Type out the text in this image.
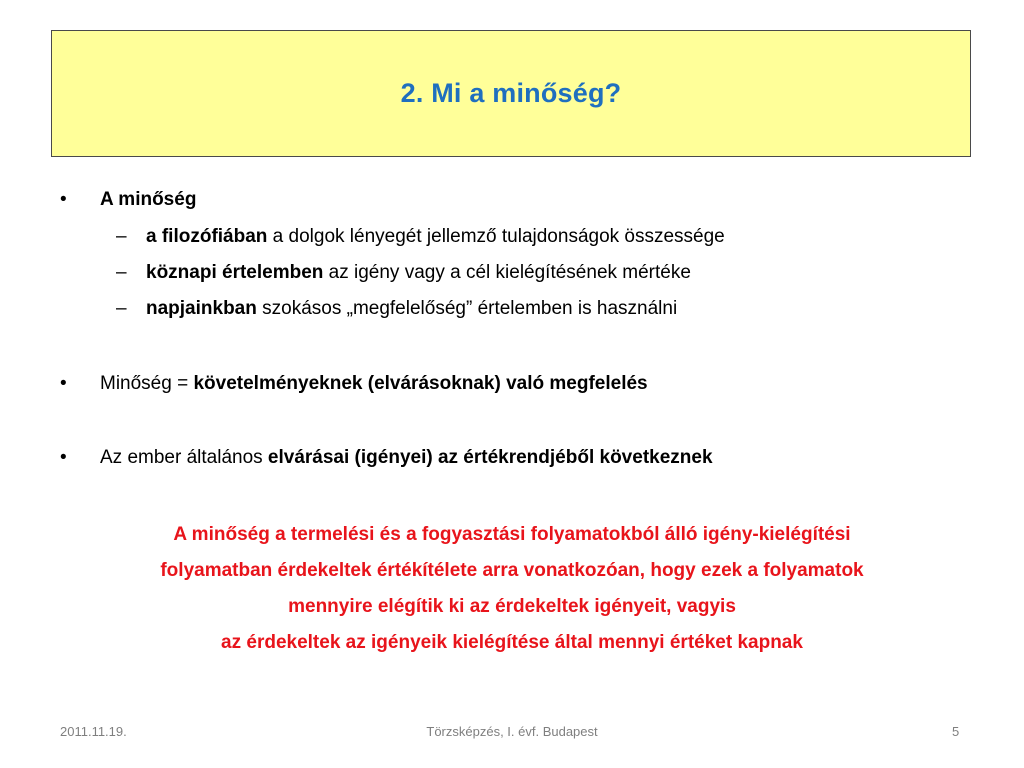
2. Mi a minőség?
• A minőség
– a filozófiában a dolgok lényegét jellemző tulajdonságok összessége
– köznapi értelemben az igény vagy a cél kielégítésének mértéke
– napjainkban szokásos „megfelelőség” értelemben is használni
• Minőség = követelményeknek (elvárásoknak) való megfelelés
• Az ember általános elvárásai (igényei) az értékrendjéből következnek
A minőség a termelési és a fogyasztási folyamatokból álló igény-kielégítési
folyamatban érdekeltek értékítélete arra vonatkozóan, hogy ezek a folyamatok
mennyire elégítik ki az érdekeltek igényeit, vagyis
az érdekeltek az igényeik kielégítése által mennyi értéket kapnak
2011.11.19.	Törzsképzés, I. évf. Budapest	5
